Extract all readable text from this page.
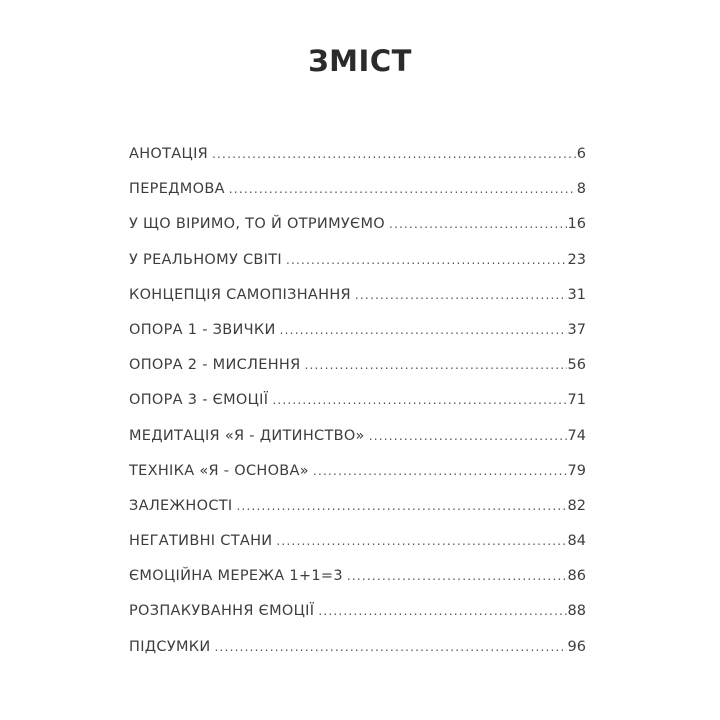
ЗМІСТ
АНОТАЦІЯ .....	6
ПЕРЕДМОВА .....	8
У ЩО ВІРИМО, ТО Й ОТРИМУЄМО .....	16
У РЕАЛЬНОМУ СВІТІ .....	23
КОНЦЕПЦІЯ САМОПІЗНАННЯ .....	31
ОПОРА 1 - ЗВИЧКИ .....	37
ОПОРА 2 - МИСЛЕННЯ .....	56
ОПОРА 3 - ЄМОЦІЇ .....	71
МЕДИТАЦІЯ «Я - ДИТИНСТВО» .....	74
ТЕХНІКА «Я - ОСНОВА» .....	79
ЗАЛЕЖНОСТІ .....	82
НЕГАТИВНІ СТАНИ .....	84
ЄМОЦІЙНА МЕРЕЖА 1+1=3 .....	86
РОЗПАКУВАННЯ ЄМОЦІЇ .....	88
ПІДСУМКИ .....	96
